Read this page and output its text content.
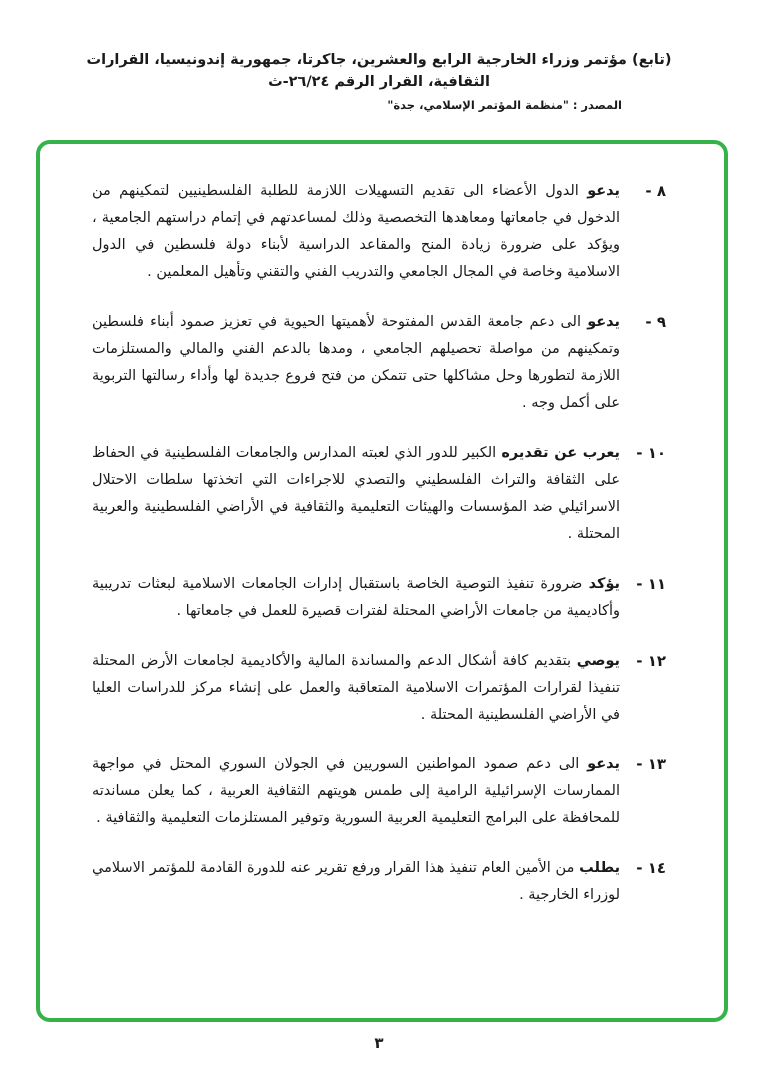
(تابع) مؤتمر وزراء الخارجية الرابع والعشرين، جاكرتا، جمهورية إندونيسيا، القرارات الثقافية، القرار الرقم ٢٦/٢٤-ث
المصدر : "منظمة المؤتمر الإسلامي، جدة"
٨ -

يدعو الدول الأعضاء الى تقديم التسهيلات اللازمة للطلبة الفلسطينيين لتمكينهم من الدخول في جامعاتها ومعاهدها التخصصية وذلك لمساعدتهم في إتمام دراستهم الجامعية ، ويؤكد على ضرورة زيادة المنح والمقاعد الدراسية لأبناء دولة فلسطين في الدول الاسلامية وخاصة في المجال الجامعي والتدريب الفني والتقني وتأهيل المعلمين .

٩ -

يدعو الى دعم جامعة القدس المفتوحة لأهميتها الحيوية في تعزيز صمود أبناء فلسطين وتمكينهم من مواصلة تحصيلهم الجامعي ، ومدها بالدعم الفني والمالي والمستلزمات اللازمة لتطورها وحل مشاكلها حتى تتمكن من فتح فروع جديدة لها وأداء رسالتها التربوية على أكمل وجه .

١٠ -

يعرب عن تقديره الكبير للدور الذي لعبته المدارس والجامعات الفلسطينية في الحفاظ على الثقافة والتراث الفلسطيني والتصدي للاجراءات التي اتخذتها سلطات الاحتلال الاسرائيلي ضد المؤسسات والهيئات التعليمية والثقافية في الأراضي الفلسطينية والعربية المحتلة .

١١ -

يؤكد ضرورة تنفيذ التوصية الخاصة باستقبال إدارات الجامعات الاسلامية لبعثات تدريبية وأكاديمية من جامعات الأراضي المحتلة لفترات قصيرة للعمل في جامعاتها .

١٢ -

يوصي بتقديم كافة أشكال الدعم والمساندة المالية والأكاديمية لجامعات الأرض المحتلة تنفيذا لقرارات المؤتمرات الاسلامية المتعاقبة والعمل على إنشاء مركز للدراسات العليا في الأراضي الفلسطينية المحتلة .

١٣ -

يدعو الى دعم صمود المواطنين السوريين في الجولان السوري المحتل في مواجهة الممارسات الإسرائيلية الرامية إلى طمس هويتهم الثقافية العربية ، كما يعلن مساندته للمحافظة على البرامج التعليمية العربية السورية وتوفير المستلزمات التعليمية والثقافية .

١٤ -

يطلب من الأمين العام تنفيذ هذا القرار ورفع تقرير عنه للدورة القادمة للمؤتمر الاسلامي لوزراء الخارجية .

٣
